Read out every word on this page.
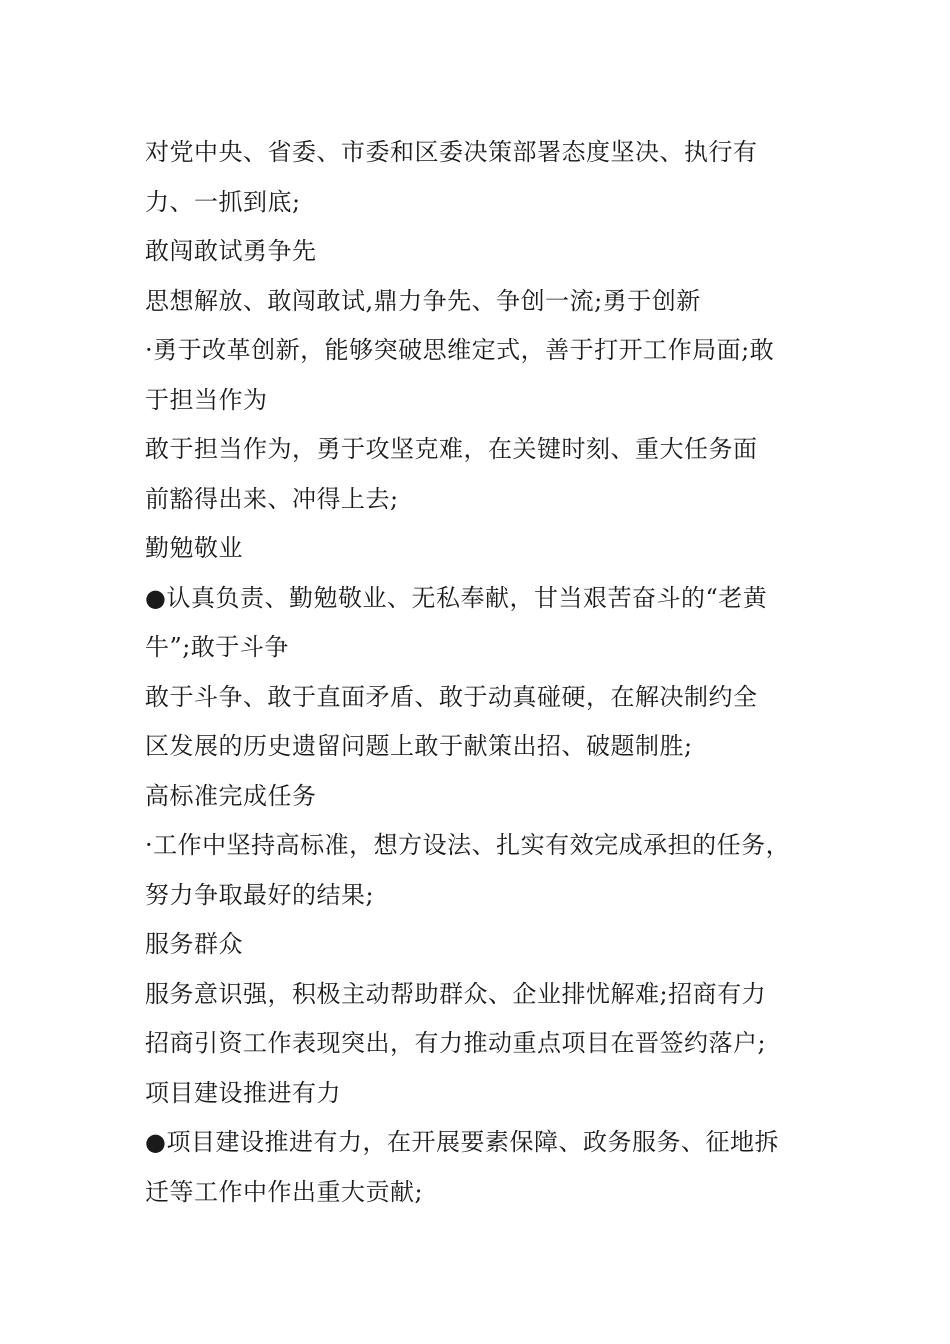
对党中央、省委、市委和区委决策部署态度坚决、执行有
力、一抓到底;
敢闯敢试勇争先
思想解放、敢闯敢试,鼎力争先、争创一流;勇于创新
·勇于改革创新，能够突破思维定式，善于打开工作局面;敢
于担当作为
敢于担当作为，勇于攻坚克难，在关键时刻、重大任务面
前豁得出来、冲得上去;
勤勉敬业
●认真负责、勤勉敬业、无私奉献，甘当艰苦奋斗的“老黄
牛”;敢于斗争
敢于斗争、敢于直面矛盾、敢于动真碰硬，在解决制约全
区发展的历史遗留问题上敢于献策出招、破题制胜;
高标准完成任务
·工作中坚持高标准，想方设法、扎实有效完成承担的任务，
努力争取最好的结果;
服务群众
服务意识强，积极主动帮助群众、企业排忧解难;招商有力
招商引资工作表现突出，有力推动重点项目在晋签约落户;
项目建设推进有力
●项目建设推进有力，在开展要素保障、政务服务、征地拆
迁等工作中作出重大贡献;
